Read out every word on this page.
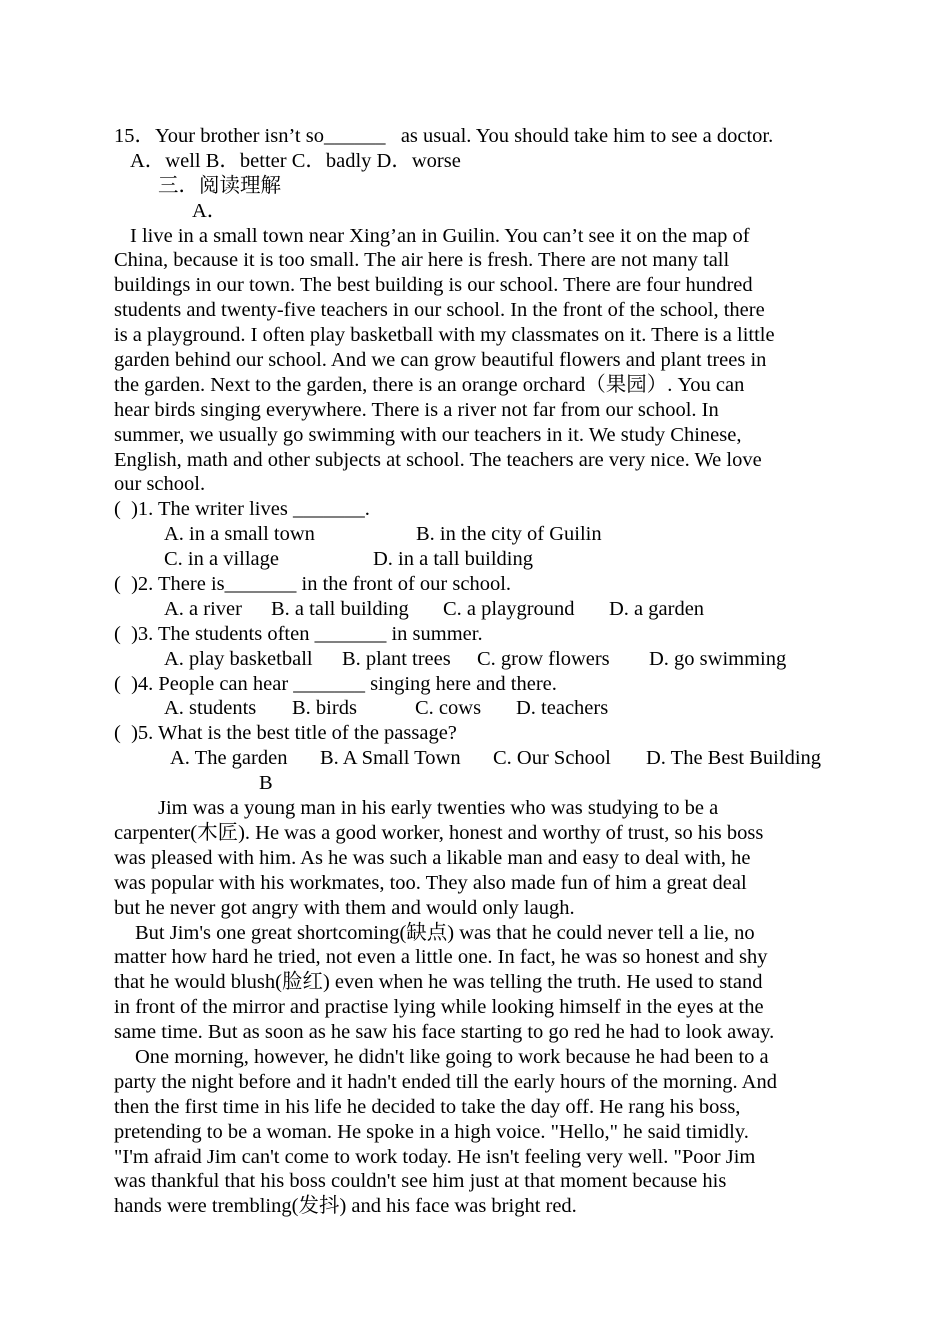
15．Your brother isn’t so______   as usual. You should take him to see a doctor.
A．well B．better C．badly D．worse
三．阅读理解
A．
I live in a small town near Xing’an in Guilin. You can’t see it on the map of
China, because it is too small. The air here is fresh. There are not many tall
buildings in our town. The best building is our school. There are four hundred
students and twenty-five teachers in our school. In the front of the school, there
is a playground. I often play basketball with my classmates on it. There is a little
garden behind our school. And we can grow beautiful flowers and plant trees in
the garden. Next to the garden, there is an orange orchard（果园）. You can
hear birds singing everywhere. There is a river not far from our school. In
summer, we usually go swimming with our teachers in it. We study Chinese,
English, math and other subjects at school. The teachers are very nice. We love
our school.
(  )1. The writer lives _______.
A. in a small town	B. in the city of Guilin
C. in a village	D. in a tall building
(  )2. There is_______ in the front of our school.
A. a river	B. a tall building	C. a playground	D. a garden
(  )3. The students often _______ in summer.
A. play basketball	B. plant trees	C. grow flowers	D. go swimming
(  )4. People can hear _______ singing here and there.
A. students	B. birds	C. cows	D. teachers
(  )5. What is the best title of the passage?
A. The garden	B. A Small Town	C. Our School	D. The Best Building
B
Jim was a young man in his early twenties who was studying to be a
carpenter(木匠). He was a good worker, honest and worthy of trust, so his boss
was pleased with him. As he was such a likable man and easy to deal with, he
was popular with his workmates, too. They also made fun of him a great deal
but he never got angry with them and would only laugh.
But Jim's one great shortcoming(缺点) was that he could never tell a lie, no
matter how hard he tried, not even a little one. In fact, he was so honest and shy
that he would blush(脸红) even when he was telling the truth. He used to stand
in front of the mirror and practise lying while looking himself in the eyes at the
same time. But as soon as he saw his face starting to go red he had to look away.
One morning, however, he didn't like going to work because he had been to a
party the night before and it hadn't ended till the early hours of the morning. And
then the first time in his life he decided to take the day off. He rang his boss,
pretending to be a woman. He spoke in a high voice. "Hello," he said timidly.
"I'm afraid Jim can't come to work today. He isn't feeling very well. "Poor Jim
was thankful that his boss couldn't see him just at that moment because his
hands were trembling(发抖) and his face was bright red.
